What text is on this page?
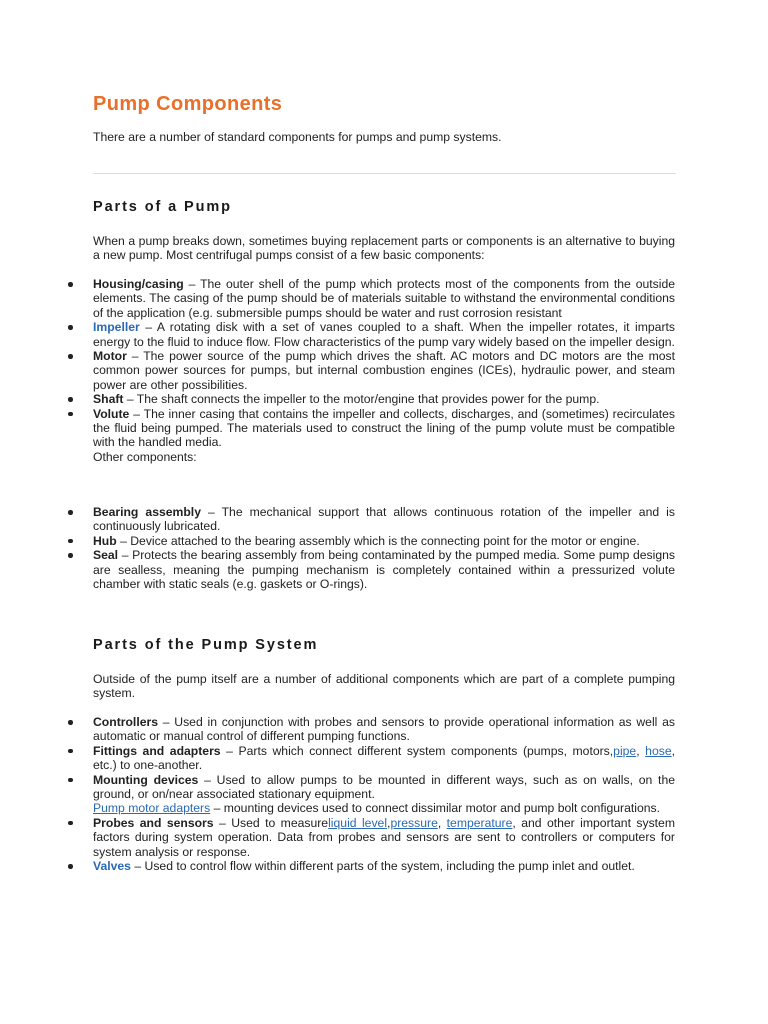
Pump Components
There are a number of standard components for pumps and pump systems.
Parts of a Pump

When a pump breaks down, sometimes buying replacement parts or components is an alternative to buying a new pump. Most centrifugal pumps consist of a few basic components:

Housing/casing – The outer shell of the pump which protects most of the components from the outside elements. The casing of the pump should be of materials suitable to withstand the environmental conditions of the application (e.g. submersible pumps should be water and rust corrosion resistant
Impeller – A rotating disk with a set of vanes coupled to a shaft. When the impeller rotates, it imparts energy to the fluid to induce flow. Flow characteristics of the pump vary widely based on the impeller design.
Motor – The power source of the pump which drives the shaft. AC motors and DC motors are the most common power sources for pumps, but internal combustion engines (ICEs), hydraulic power, and steam power are other possibilities.
Shaft – The shaft connects the impeller to the motor/engine that provides power for the pump.
Volute – The inner casing that contains the impeller and collects, discharges, and (sometimes) recirculates the fluid being pumped. The materials used to construct the lining of the pump volute must be compatible with the handled media.
Other components:
Bearing assembly – The mechanical support that allows continuous rotation of the impeller and is continuously lubricated.
Hub – Device attached to the bearing assembly which is the connecting point for the motor or engine.
Seal – Protects the bearing assembly from being contaminated by the pumped media. Some pump designs are sealless, meaning the pumping mechanism is completely contained within a pressurized volute chamber with static seals (e.g. gaskets or O-rings).
Parts of the Pump System

Outside of the pump itself are a number of additional components which are part of a complete pumping system.

Controllers – Used in conjunction with probes and sensors to provide operational information as well as automatic or manual control of different pumping functions.
Fittings and adapters – Parts which connect different system components (pumps, motors,pipe, hose, etc.) to one-another.
Mounting devices – Used to allow pumps to be mounted in different ways, such as on walls, on the ground, or on/near associated stationary equipment.
Pump motor adapters – mounting devices used to connect dissimilar motor and pump bolt configurations.
Probes and sensors – Used to measureliquid level,pressure, temperature, and other important system factors during system operation. Data from probes and sensors are sent to controllers or computers for system analysis or response.
Valves – Used to control flow within different parts of the system, including the pump inlet and outlet.
